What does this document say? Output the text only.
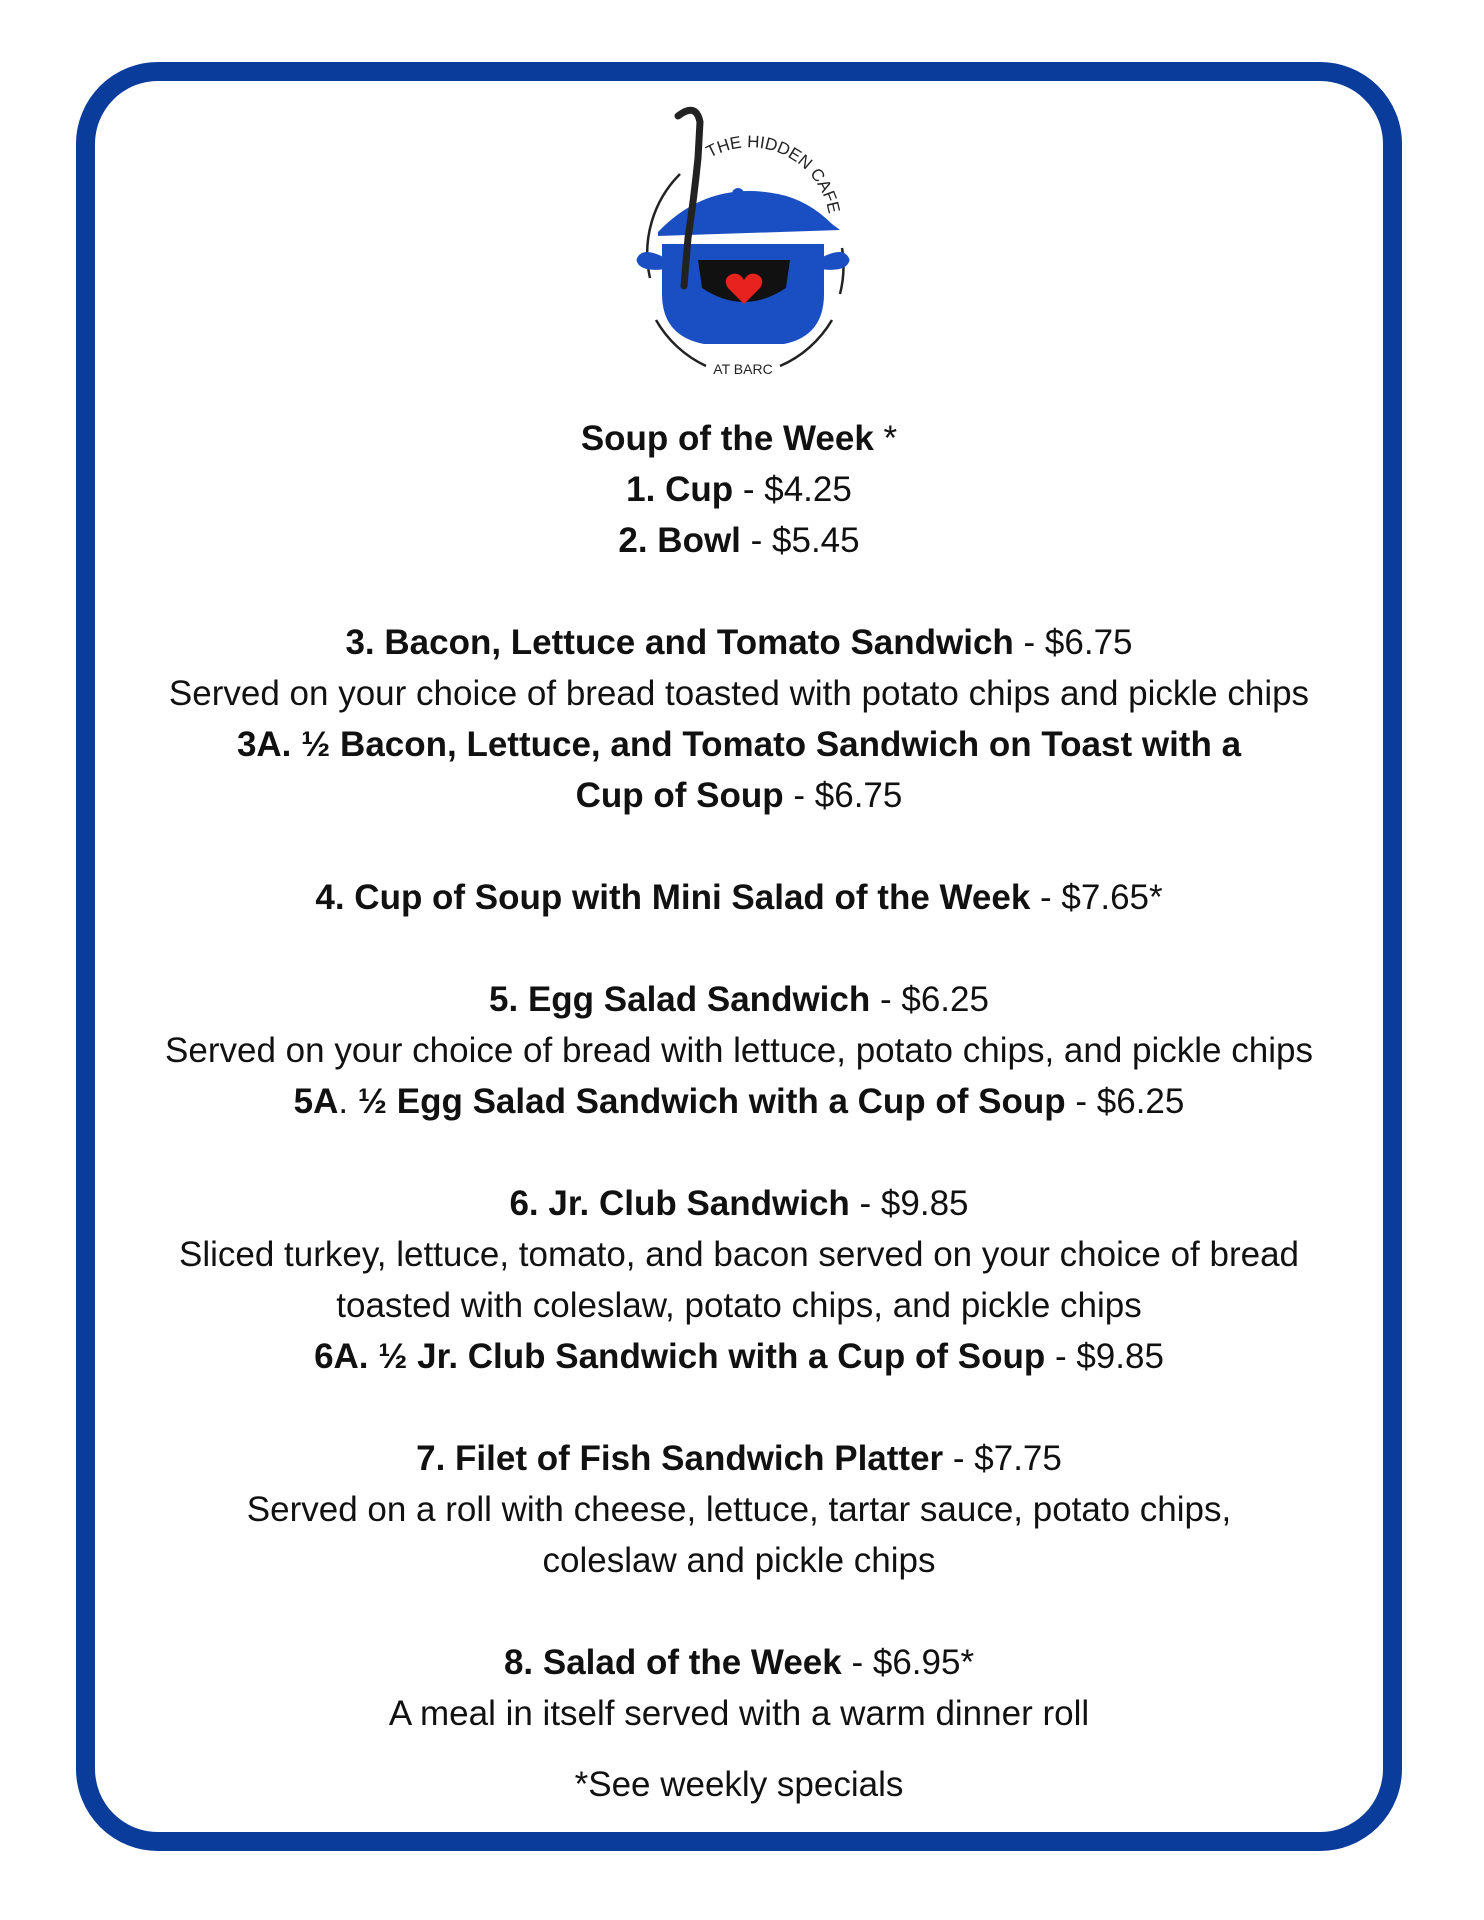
THE HIDDEN CAFE
AT BARC

Soup of the Week *

1. Cup - $4.25

2. Bowl - $5.45

3. Bacon, Lettuce and Tomato Sandwich - $6.75

Served on your choice of bread toasted with potato chips and pickle chips

3A. ½ Bacon, Lettuce, and Tomato Sandwich on Toast with a

Cup of Soup - $6.75

4. Cup of Soup with Mini Salad of the Week - $7.65*

5. Egg Salad Sandwich - $6.25

Served on your choice of bread with lettuce, potato chips, and pickle chips

5A. ½ Egg Salad Sandwich with a Cup of Soup - $6.25

6. Jr. Club Sandwich - $9.85

Sliced turkey, lettuce, tomato, and bacon served on your choice of bread

toasted with coleslaw, potato chips, and pickle chips

6A. ½ Jr. Club Sandwich with a Cup of Soup - $9.85

7. Filet of Fish Sandwich Platter - $7.75

Served on a roll with cheese, lettuce, tartar sauce, potato chips,

coleslaw and pickle chips

8. Salad of the Week - $6.95*

A meal in itself served with a warm dinner roll

*See weekly specials
